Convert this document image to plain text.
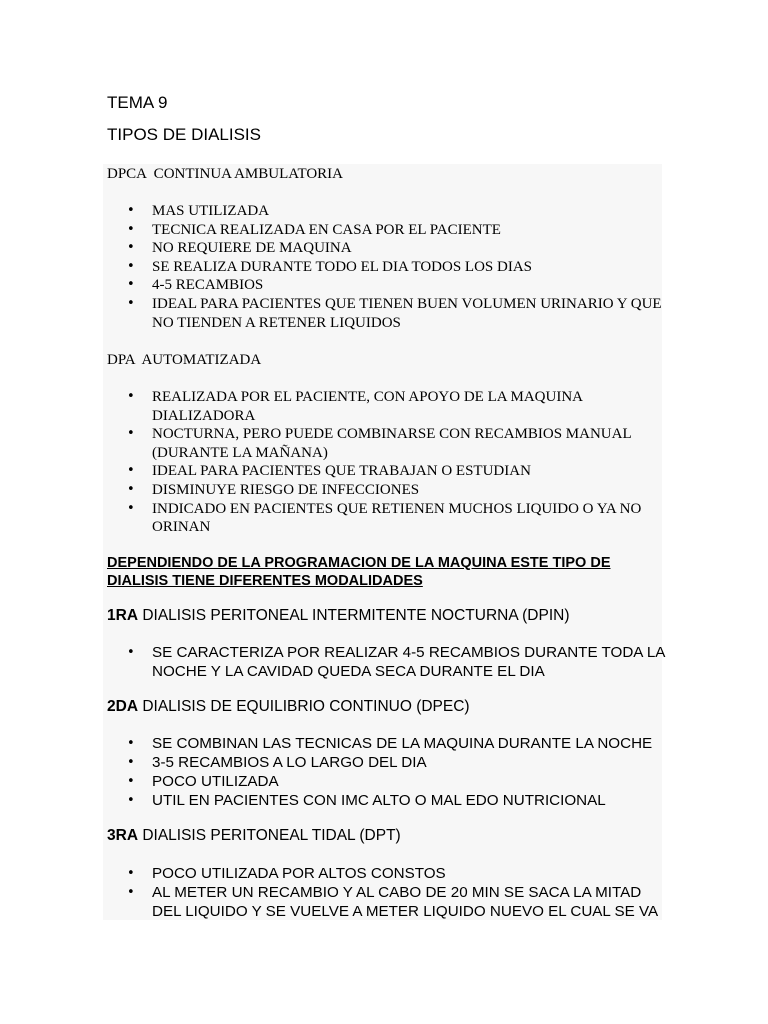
TEMA 9
TIPOS DE DIALISIS

DPCA  CONTINUA AMBULATORIA

• MAS UTILIZADA
• TECNICA REALIZADA EN CASA POR EL PACIENTE
• NO REQUIERE DE MAQUINA
• SE REALIZA DURANTE TODO EL DIA TODOS LOS DIAS
• 4-5 RECAMBIOS
• IDEAL PARA PACIENTES QUE TIENEN BUEN VOLUMEN URINARIO Y QUE NO TIENDEN A RETENER LIQUIDOS

DPA  AUTOMATIZADA

• REALIZADA POR EL PACIENTE, CON APOYO DE LA MAQUINA DIALIZADORA
• NOCTURNA, PERO PUEDE COMBINARSE CON RECAMBIOS MANUAL (DURANTE LA MAÑANA)
• IDEAL PARA PACIENTES QUE TRABAJAN O ESTUDIAN
• DISMINUYE RIESGO DE INFECCIONES
• INDICADO EN PACIENTES QUE RETIENEN MUCHOS LIQUIDO O YA NO ORINAN

DEPENDIENDO DE LA PROGRAMACION DE LA MAQUINA ESTE TIPO DE DIALISIS TIENE DIFERENTES MODALIDADES

1RA DIALISIS PERITONEAL INTERMITENTE NOCTURNA (DPIN)

• SE CARACTERIZA POR REALIZAR 4-5 RECAMBIOS DURANTE TODA LA NOCHE Y LA CAVIDAD QUEDA SECA DURANTE EL DIA

2DA DIALISIS DE EQUILIBRIO CONTINUO (DPEC)

• SE COMBINAN LAS TECNICAS DE LA MAQUINA DURANTE LA NOCHE
• 3-5 RECAMBIOS A LO LARGO DEL DIA
• POCO UTILIZADA
• UTIL EN PACIENTES CON IMC ALTO O MAL EDO NUTRICIONAL

3RA DIALISIS PERITONEAL TIDAL (DPT)

• POCO UTILIZADA POR ALTOS CONSTOS
• AL METER UN RECAMBIO Y AL CABO DE 20 MIN SE SACA LA MITAD DEL LIQUIDO Y SE VUELVE A METER LIQUIDO NUEVO EL CUAL SE VA
